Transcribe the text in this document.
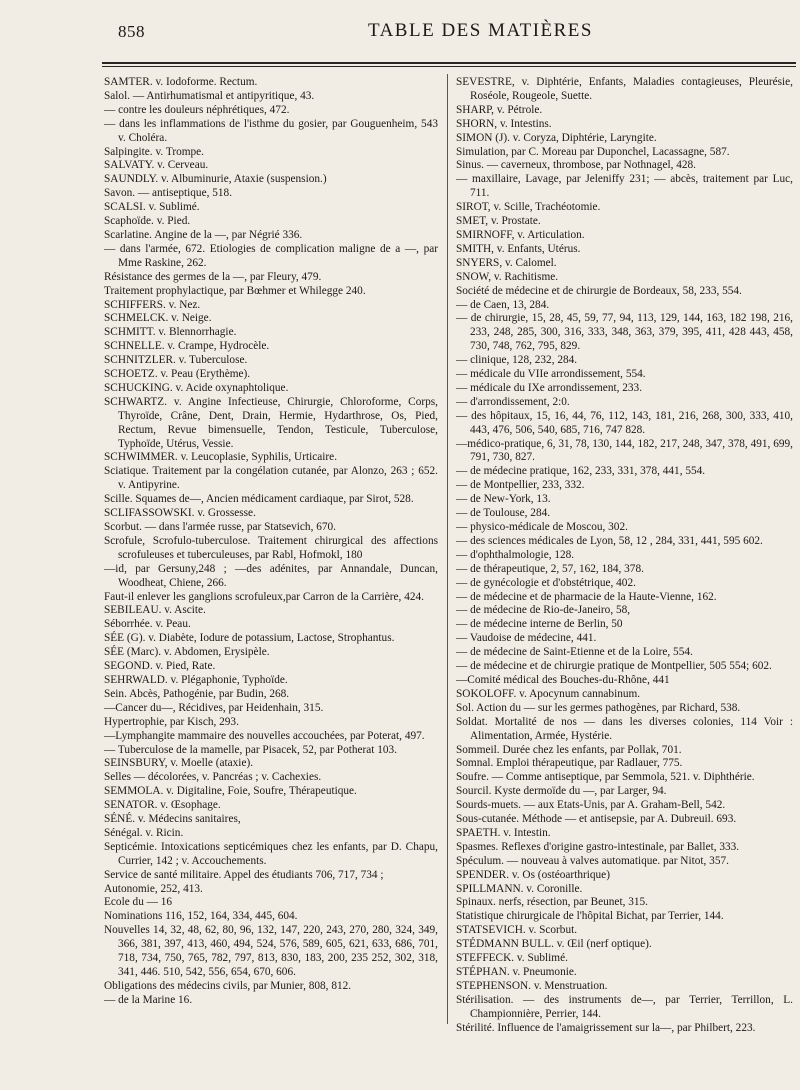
858	TABLE DES MATIÈRES
SAMTER. v. Iodoforme. Rectum.
Salol. — Antirhumatismal et antipyritique, 43.
— contre les douleurs néphrétiques, 472.
— dans les inflammations de l'isthme du gosier, par Gouguenheim, 543 v. Choléra.
Salpingite. v. Trompe.
SALVATY. v. Cerveau.
SAUNDLY. v. Albuminurie, Ataxie (suspension.)
Savon. — antiseptique, 518.
SCALSI. v. Sublimé.
Scaphoïde. v. Pied.
Scarlatine. Angine de la —, par Négrié 336.
— dans l'armée, 672. Etiologies de complication maligne de a —, par Mme Raskine, 262.
Résistance des germes de la —, par Fleury, 479.
Traitement prophylactique, par Bœhmer et Whilegge 240.
SCHIFFERS. v. Nez.
SCHMELCK. v. Neige.
SCHMITT. v. Blennorrhagie.
SCHNELLE. v. Crampe, Hydrocèle.
SCHNITZLER. v. Tuberculose.
SCHOETZ. v. Peau (Erythème).
SCHUCKING. v. Acide oxynaphtolique.
SCHWARTZ. v. Angine Infectieuse, Chirurgie, Chloroforme, Corps, Thyroïde, Crâne, Dent, Drain, Hermie, Hydarthrose, Os, Pied, Rectum, Revue bimensuelle, Tendon, Testicule, Tuberculose, Typhoïde, Utérus, Vessie.
SCHWIMMER. v. Leucoplasie, Syphilis, Urticaire.
Sciatique. Traitement par la congélation cutanée, par Alonzo, 263 ; 652. v. Antipyrine.
Scille. Squames de—, Ancien médicament cardiaque, par Sirot, 528.
SCLIFASSOWSKI. v. Grossesse.
Scorbut. — dans l'armée russe, par Statsevich, 670.
Scrofule, Scrofulo-tuberculose. Traitement chirurgical des affections scrofuleuses et tuberculeuses, par Rabl, Hofmokl, 180
—id, par Gersuny,248 ; —des adénites, par Annandale, Duncan, Woodheat, Chiene, 266.
Faut-il enlever les ganglions scrofuleux,par Carron de la Carrière, 424.
SEBILEAU. v. Ascite.
Séborrhée. v. Peau.
SÉE (G). v. Diabète, Iodure de potassium, Lactose, Strophantus.
SÉE (Marc). v. Abdomen, Erysipèle.
SEGOND. v. Pied, Rate.
SEHRWALD. v. Plégaphonie, Typhoïde.
Sein. Abcès, Pathogénie, par Budin, 268.
—Cancer du—, Récidives, par Heidenhain, 315.
Hypertrophie, par Kisch, 293.
—Lymphangite mammaire des nouvelles accouchées, par Poterat, 497.
— Tuberculose de la mamelle, par Pisacek, 52, par Potherat 103.
SEINSBURY, v. Moelle (ataxie).
Selles — décolorées, v. Pancréas ; v. Cachexies.
SEMMOLA. v. Digitaline, Foie, Soufre, Thérapeutique.
SENATOR. v. Œsophage.
SÉNÉ. v. Médecins sanitaires,
Sénégal. v. Ricin.
Septicémie. Intoxications septicémiques chez les enfants, par D. Chapu, Currier, 142 ; v. Accouchements.
Service de santé militaire. Appel des étudiants 706, 717, 734 ;
Autonomie, 252, 413.
Ecole du — 16
Nominations 116, 152, 164, 334, 445, 604.
Nouvelles 14, 32, 48, 62, 80, 96, 132, 147, 220, 243, 270, 280, 324, 349, 366, 381, 397, 413, 460, 494, 524, 576, 589, 605, 621, 633, 686, 701, 718, 734, 750, 765, 782, 797, 813, 830, 183, 200, 235 252, 302, 318, 341, 446. 510, 542, 556, 654, 670, 606.
Obligations des médecins civils, par Munier, 808, 812.
— de la Marine 16.
SEVESTRE, v. Diphtérie, Enfants, Maladies contagieuses, Pleurésie, Roséole, Rougeole, Suette.
SHARP, v. Pétrole.
SHORN, v. Intestins.
SIMON (J). v. Coryza, Diphtérie, Laryngite.
Simulation, par C. Moreau par Duponchel, Lacassagne, 587.
Sinus. — caverneux, thrombose, par Nothnagel, 428.
— maxillaire, Lavage, par Jeleniffy 231; — abcès, traitement par Luc, 711.
SIROT, v. Scille, Trachéotomie.
SMET, v. Prostate.
SMIRNOFF, v. Articulation.
SMITH, v. Enfants, Utérus.
SNYERS, v. Calomel.
SNOW, v. Rachitisme.
Société de médecine et de chirurgie de Bordeaux, 58, 233, 554.
— de Caen, 13, 284.
— de chirurgie, 15, 28, 45, 59, 77, 94, 113, 129, 144, 163, 182 198, 216, 233, 248, 285, 300, 316, 333, 348, 363, 379, 395, 411, 428 443, 458, 730, 748, 762, 795, 829.
— clinique, 128, 232, 284.
— médicale du VIIe arrondissement, 554.
— médicale du IXe arrondissement, 233.
— d'arrondissement, 2:0.
— des hôpitaux, 15, 16, 44, 76, 112, 143, 181, 216, 268, 300, 333, 410, 443, 476, 506, 540, 685, 716, 747 828.
—médico-pratique, 6, 31, 78, 130, 144, 182, 217, 248, 347, 378, 491, 699, 791, 730, 827.
— de médecine pratique, 162, 233, 331, 378, 441, 554.
— de Montpellier, 233, 332.
— de New-York, 13.
— de Toulouse, 284.
— physico-médicale de Moscou, 302.
— des sciences médicales de Lyon, 58, 12 , 284, 331, 441, 595 602.
— d'ophthalmologie, 128.
— de thérapeutique, 2, 57, 162, 184, 378.
— de gynécologie et d'obstétrique, 402.
— de médecine et de pharmacie de la Haute-Vienne, 162.
— de médecine de Rio-de-Janeiro, 58,
— de médecine interne de Berlin, 50
— Vaudoise de médecine, 441.
— de médecine de Saint-Etienne et de la Loire, 554.
— de médecine et de chirurgie pratique de Montpellier, 505 554; 602.
—Comité médical des Bouches-du-Rhône, 441
SOKOLOFF. v. Apocynum cannabinum.
Sol. Action du — sur les germes pathogènes, par Richard, 538.
Soldat. Mortalité de nos — dans les diverses colonies, 114 Voir : Alimentation, Armée, Hystérie.
Sommeil. Durée chez les enfants, par Pollak, 701.
Somnal. Emploi thérapeutique, par Radlauer, 775.
Soufre. — Comme antiseptique, par Semmola, 521. v. Diphthérie.
Sourcil. Kyste dermoïde du —, par Larger, 94.
Sourds-muets. — aux Etats-Unis, par A. Graham-Bell, 542.
Sous-cutanée. Méthode — et antisepsie, par A. Dubreuil. 693.
SPAETH. v. Intestin.
Spasmes. Reflexes d'origine gastro-intestinale, par Ballet, 333.
Spéculum. — nouveau à valves automatique. par Nitot, 357.
SPENDER. v. Os (ostéoarthrique)
SPILLMANN. v. Coronille.
Spinaux. nerfs, résection, par Beunet, 315.
Statistique chirurgicale de l'hôpital Bichat, par Terrier, 144.
STATSEVICH. v. Scorbut.
STÉDMANN BULL. v. Œil (nerf optique).
STEFFECK. v. Sublimé.
STÉPHAN. v. Pneumonie.
STEPHENSON. v. Menstruation.
Stérilisation. — des instruments de—, par Terrier, Terrillon, L. Championnière, Perrier, 144.
Stérilité. Influence de l'amaigrissement sur la—, par Philbert, 223.
